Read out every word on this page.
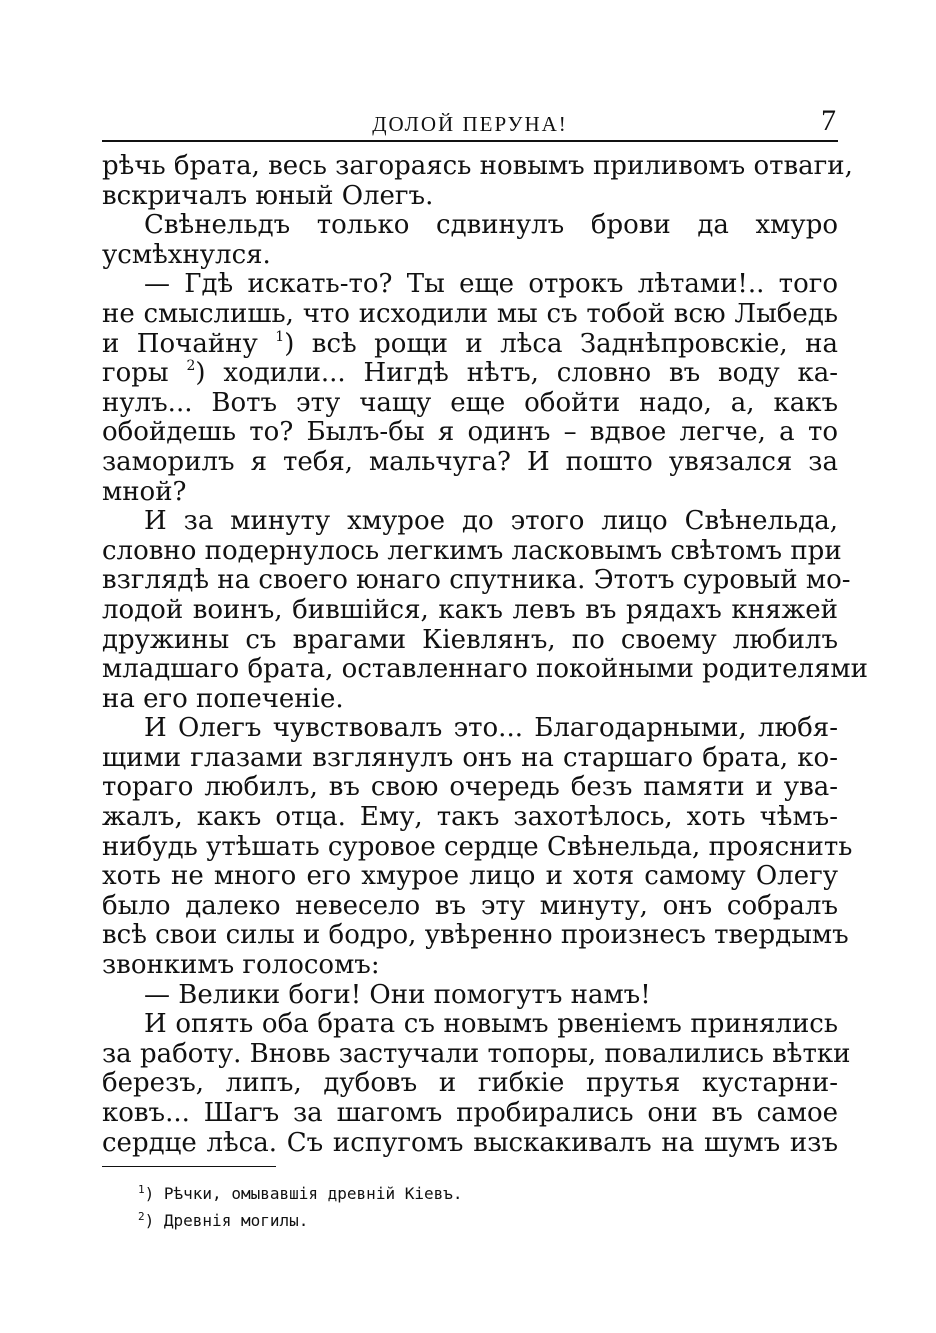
ДОЛОЙ ПЕРУНА!	7
рѣчь брата, весь загораясь новымъ приливомъ отваги,
вскричалъ юный Олегъ.
Свѣнельдъ только сдвинулъ брови да хмуро
усмѣхнулся.
— Гдѣ искать-то? Ты еще отрокъ лѣтами!.. того
не смыслишь, что исходили мы съ тобой всю Лыбедь
и Почайну $^1$) всѣ рощи и лѣса Заднѣпровскіе, на
горы $^2$) ходили... Нигдѣ нѣтъ, словно въ воду ка-
нулъ... Вотъ эту чащу еще обойти надо, а, какъ
обойдешь то? Былъ-бы я одинъ – вдвое легче, а то
заморилъ я тебя, мальчуга? И пошто увязался за
мной?
И за минуту хмурое до этого лицо Свѣнельда,
словно подернулось легкимъ ласковымъ свѣтомъ при
взглядѣ на своего юнаго спутника. Этотъ суровый мо-
лодой воинъ, бившійся, какъ левъ въ рядахъ княжей
дружины съ врагами Кіевлянъ, по своему любилъ
младшаго брата, оставленнаго покойными родителями
на его попеченіе.
И Олегъ чувствовалъ это... Благодарными, любя-
щими глазами взглянулъ онъ на старшаго брата, ко-
тораго любилъ, въ свою очередь безъ памяти и ува-
жалъ, какъ отца. Ему, такъ захотѣлось, хоть чѣмъ-
нибудь утѣшать суровое сердце Свѣнельда, прояснить
хоть не много его хмурое лицо и хотя самому Олегу
было далеко невесело въ эту минуту, онъ собралъ
всѣ свои силы и бодро, увѣренно произнесъ твердымъ
звонкимъ голосомъ:
— Велики боги! Они помогутъ намъ!
И опять оба брата съ новымъ рвеніемъ принялись
за работу. Вновь застучали топоры, повалились вѣтки
березъ, липъ, дубовъ и гибкіе прутья кустарни-
ковъ... Шагъ за шагомъ пробирались они въ самое
сердце лѣса. Съ испугомъ выскакивалъ на шумъ изъ
$^1$) Рѣчки, омывавшія древній Кіевъ.
$^2$) Древнія могилы.
